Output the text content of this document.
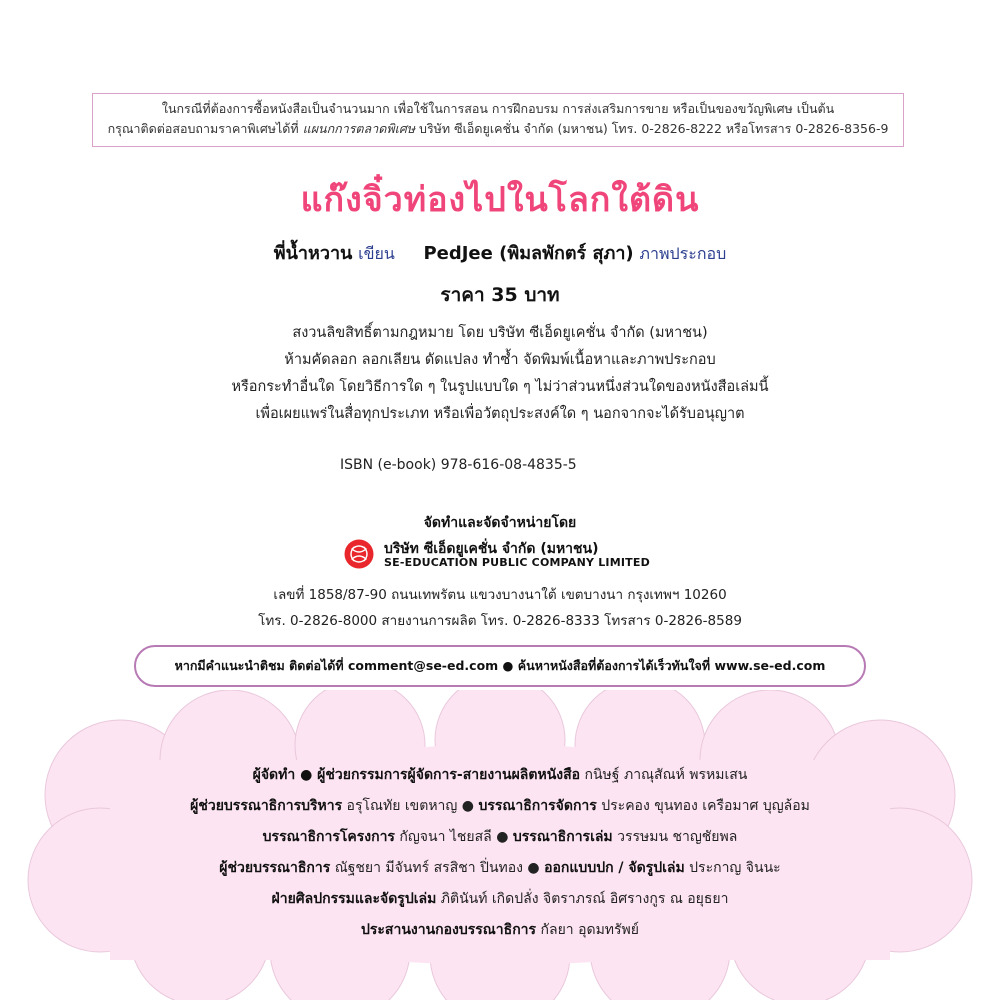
ในกรณีที่ต้องการซื้อหนังสือเป็นจำนวนมาก เพื่อใช้ในการสอน การฝึกอบรม การส่งเสริมการขาย หรือเป็นของขวัญพิเศษ เป็นต้น
กรุณาติดต่อสอบถามราคาพิเศษได้ที่ แผนกการตลาดพิเศษ บริษัท ซีเอ็ดยูเคชั่น จำกัด (มหาชน) โทร. 0-2826-8222 หรือโทรสาร 0-2826-8356-9
แก๊งจิ๋วท่องไปในโลกใต้ดิน
พี่น้ำหวาน เขียน PedJee (พิมลพักตร์ สุภา) ภาพประกอบ
ราคา 35 บาท
สงวนลิขสิทธิ์ตามกฎหมาย โดย บริษัท ซีเอ็ดยูเคชั่น จำกัด (มหาชน)
ห้ามคัดลอก ลอกเลียน ดัดแปลง ทำซ้ำ จัดพิมพ์เนื้อหาและภาพประกอบ
หรือกระทำอื่นใด โดยวิธีการใด ๆ ในรูปแบบใด ๆ ไม่ว่าส่วนหนึ่งส่วนใดของหนังสือเล่มนี้
เพื่อเผยแพร่ในสื่อทุกประเภท หรือเพื่อวัตถุประสงค์ใด ๆ นอกจากจะได้รับอนุญาต
ISBN (e-book) 978-616-08-4835-5
จัดทำและจัดจำหน่ายโดย
บริษัท ซีเอ็ดยูเคชั่น จำกัด (มหาชน)
SE-EDUCATION PUBLIC COMPANY LIMITED
เลขที่ 1858/87-90 ถนนเทพรัตน แขวงบางนาใต้ เขตบางนา กรุงเทพฯ 10260
โทร. 0-2826-8000 สายงานการผลิต โทร. 0-2826-8333 โทรสาร 0-2826-8589
หากมีคำแนะนำติชม ติดต่อได้ที่ comment@se-ed.com ● ค้นหาหนังสือที่ต้องการได้เร็วทันใจที่ www.se-ed.com
ผู้จัดทำ ● ผู้ช่วยกรรมการผู้จัดการ-สายงานผลิตหนังสือ กนิษฐ์ ภาณุสัณห์ พรหมเสน
ผู้ช่วยบรรณาธิการบริหาร อรุโณทัย เขตหาญ ● บรรณาธิการจัดการ ประคอง ขุนทอง เครือมาศ บุญล้อม
บรรณาธิการโครงการ กัญจนา ไชยสลี ● บรรณาธิการเล่ม วรรษมน ชาญชัยพล
ผู้ช่วยบรรณาธิการ ณัฐชยา มีจันทร์ สรสิชา ปิ่นทอง ● ออกแบบปก / จัดรูปเล่ม ประกาญ จินนะ
ฝ่ายศิลปกรรมและจัดรูปเล่ม ภิตินันท์ เกิดปลั่ง จิตราภรณ์ อิศรางกูร ณ อยุธยา
ประสานงานกองบรรณาธิการ กัลยา อุดมทรัพย์
